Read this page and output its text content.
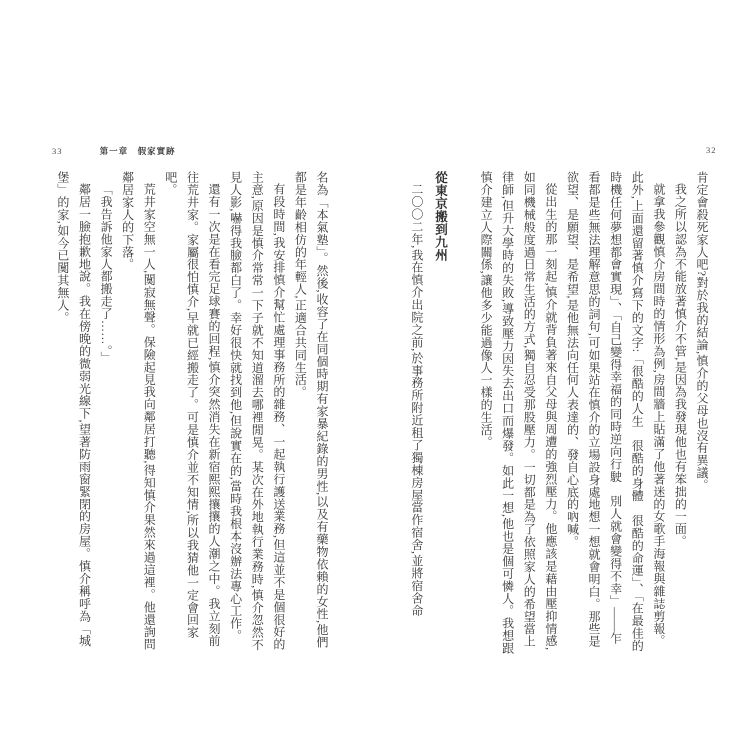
33	第一章　假家實跡	32

肯定會殺死家人吧?對於我的結論,慎介的父母也沒有異議。

我之所以認為不能放著慎介不管,是因為我發現他也有笨拙的一面。

就拿我參觀慎介房間時的情形為例,房間牆上貼滿了他著迷的女歌手海報與雜誌剪報。此外,上面還留著慎介寫下的文字:「很酷的人生　很酷的身體　很酷的命運」、「在最佳的時機任何夢想都會實現」、「自己變得幸福的同時逆向行駛　別人就會變得不幸」——乍看都是些無法理解意思的詞句,可如果站在慎介的立場設身處地想一想就會明白。那些是欲望、是願望、是希望,是他無法向任何人表達的、發自心底的吶喊。

從出生的那一刻起,慎介就背負著來自父母與周遭的強烈壓力。他應該是藉由壓抑情感,如同機械般度過日常生活的方式,獨自忍受那股壓力。一切都是為了依照家人的希望當上律師,但升大學時的失敗,導致壓力因失去出口而爆發。如此一想,他也是個可憐人。我想跟慎介建立人際關係,讓他多少能過像人一樣的生活。

從東京搬到九州

二〇〇二年,我在慎介出院之前,於事務所附近租了獨棟房屋當作宿舍,並將宿舍命

名為「本氣塾」。然後,收容了在同個時期有家暴紀錄的男性,以及有藥物依賴的女性,他們都是年齡相仿的年輕人,正適合共同生活。

有段時間,我安排慎介幫忙處理事務所的雜務、一起執行護送業務,但這並不是個很好的主意,原因是慎介常常一下子就不知道溜去哪裡閒晃。某次在外地執行業務時,慎介忽然不見人影,嚇得我臉都白了。幸好很快就找到他,但說實在的,當時我根本沒辦法專心工作。

還有一次是在看完足球賽的回程,慎介突然消失在新宿熙熙攘攘的人潮之中。我立刻前往荒井家。家屬很怕慎介,早就已經搬走了。可是慎介並不知情,所以我猜他一定會回家吧。

荒井家空無一人,闃寂無聲。保險起見我向鄰居打聽,得知慎介果然來過這裡。他還詢問鄰居家人的下落。

「我告訴他家人都搬走了……。」

鄰居一臉抱歉地說。我在傍晚的微弱光線下,望著防雨窗緊閉的房屋。慎介稱呼為「城堡」的家,如今已闃其無人。
